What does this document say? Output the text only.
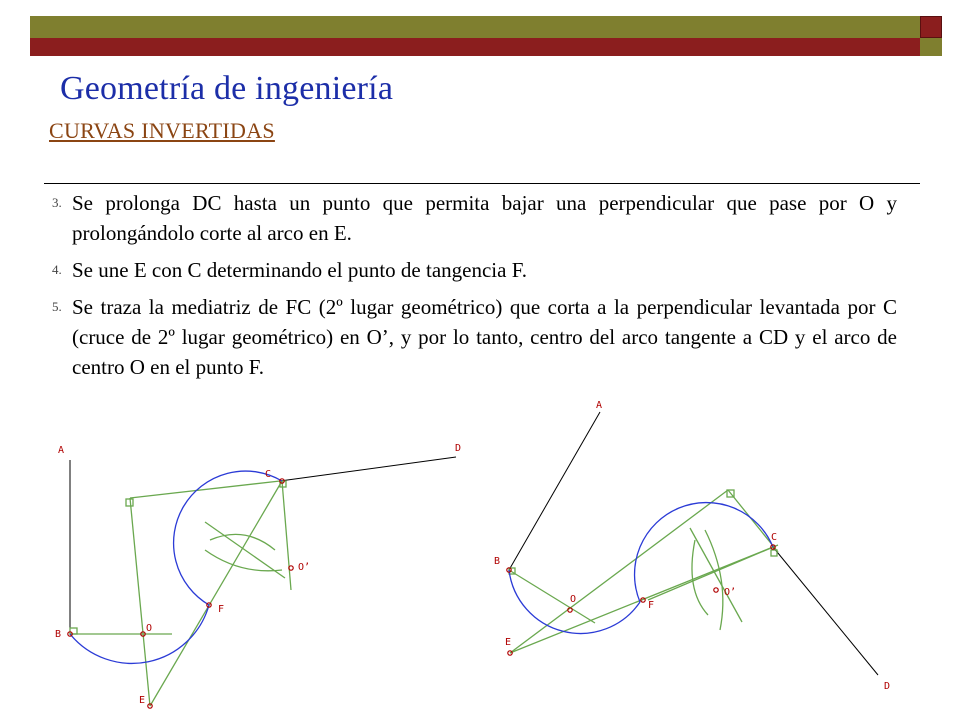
Geometría de ingeniería
CURVAS INVERTIDAS
3. Se prolonga DC hasta un punto que permita bajar una perpendicular que pase por O y prolongándolo corte al arco en E.
4. Se une E con C determinando el punto de tangencia F.
5. Se traza la mediatriz de FC (2º lugar geométrico) que corta a la perpendicular levantada por C (cruce de 2º lugar geométrico) en O’, y por lo tanto, centro del arco tangente a CD y el arco de centro O en el punto F.
A	D
C
O’
F
B
O
E
A
C
B
O
F
O’
E
D
